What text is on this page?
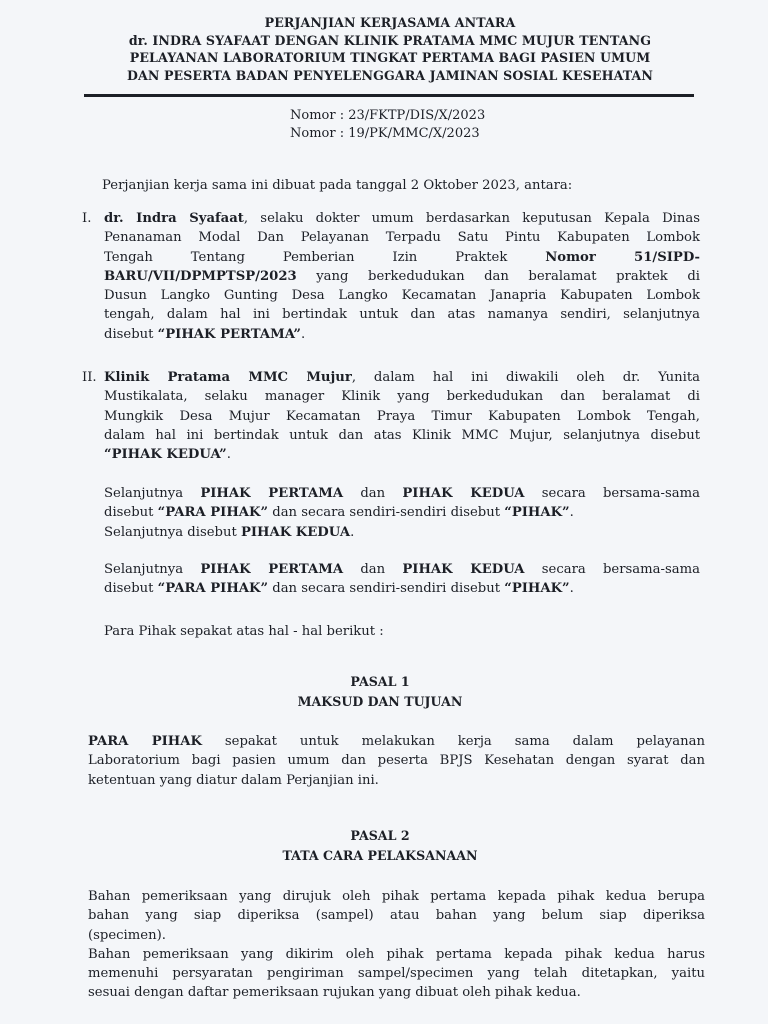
PERJANJIAN KERJASAMA ANTARA
dr. INDRA SYAFAAT DENGAN KLINIK PRATAMA MMC MUJUR TENTANG
PELAYANAN LABORATORIUM TINGKAT PERTAMA BAGI PASIEN UMUM
DAN PESERTA BADAN PENYELENGGARA JAMINAN SOSIAL KESEHATAN
Nomor : 23/FKTP/DIS/X/2023
Nomor : 19/PK/MMC/X/2023
Perjanjian kerja sama ini dibuat pada tanggal 2 Oktober 2023, antara:
I. dr. Indra Syafaat, selaku dokter umum berdasarkan keputusan Kepala Dinas
Penanaman Modal Dan Pelayanan Terpadu Satu Pintu Kabupaten Lombok
Tengah Tentang Pemberian Izin Praktek Nomor 51/SIPD-
BARU/VII/DPMPTSP/2023 yang berkedudukan dan beralamat praktek di
Dusun Langko Gunting Desa Langko Kecamatan Janapria Kabupaten Lombok
tengah, dalam hal ini bertindak untuk dan atas namanya sendiri, selanjutnya
disebut “PIHAK PERTAMA”.
II. Klinik Pratama MMC Mujur, dalam hal ini diwakili oleh dr. Yunita
Mustikalata, selaku manager Klinik yang berkedudukan dan beralamat di
Mungkik Desa Mujur Kecamatan Praya Timur Kabupaten Lombok Tengah,
dalam hal ini bertindak untuk dan atas Klinik MMC Mujur, selanjutnya disebut
“PIHAK KEDUA”.
Selanjutnya PIHAK PERTAMA dan PIHAK KEDUA secara bersama-sama
disebut “PARA PIHAK” dan secara sendiri-sendiri disebut “PIHAK”.
Selanjutnya disebut PIHAK KEDUA.
Selanjutnya PIHAK PERTAMA dan PIHAK KEDUA secara bersama-sama
disebut “PARA PIHAK” dan secara sendiri-sendiri disebut “PIHAK”.
Para Pihak sepakat atas hal - hal berikut :
PASAL 1
MAKSUD DAN TUJUAN
PARA PIHAK sepakat untuk melakukan kerja sama dalam pelayanan
Laboratorium bagi pasien umum dan peserta BPJS Kesehatan dengan syarat dan
ketentuan yang diatur dalam Perjanjian ini.
PASAL 2
TATA CARA PELAKSANAAN
Bahan pemeriksaan yang dirujuk oleh pihak pertama kepada pihak kedua berupa
bahan yang siap diperiksa (sampel) atau bahan yang belum siap diperiksa
(specimen).
Bahan pemeriksaan yang dikirim oleh pihak pertama kepada pihak kedua harus
memenuhi persyaratan pengiriman sampel/specimen yang telah ditetapkan, yaitu
sesuai dengan daftar pemeriksaan rujukan yang dibuat oleh pihak kedua.
